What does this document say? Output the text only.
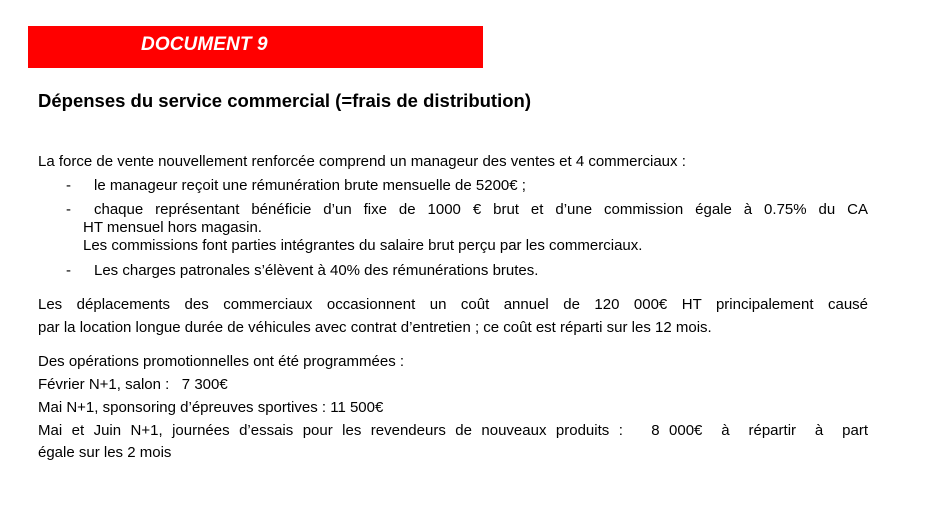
DOCUMENT 9
Dépenses du service commercial (=frais de distribution)
La force de vente nouvellement renforcée comprend un manageur des ventes et 4 commerciaux :
- le manageur reçoit une rémunération brute mensuelle de 5200€ ;
- chaque représentant bénéficie d’un fixe de 1000 € brut et d’une commission égale à 0.75% du CA
HT mensuel hors magasin.
Les commissions font parties intégrantes du salaire brut perçu par les commerciaux.
- Les charges patronales s’élèvent à 40% des rémunérations brutes.
Les déplacements des commerciaux occasionnent un coût annuel de 120 000€ HT principalement causé
par la location longue durée de véhicules avec contrat d’entretien ; ce coût est réparti sur les 12 mois.
Des opérations promotionnelles ont été programmées :
Février N+1, salon :   7 300€
Mai N+1, sponsoring d’épreuves sportives : 11 500€
Mai et Juin N+1, journées d’essais pour les revendeurs de nouveaux produits :   8 000€  à  répartir  à  part
égale sur les 2 mois
